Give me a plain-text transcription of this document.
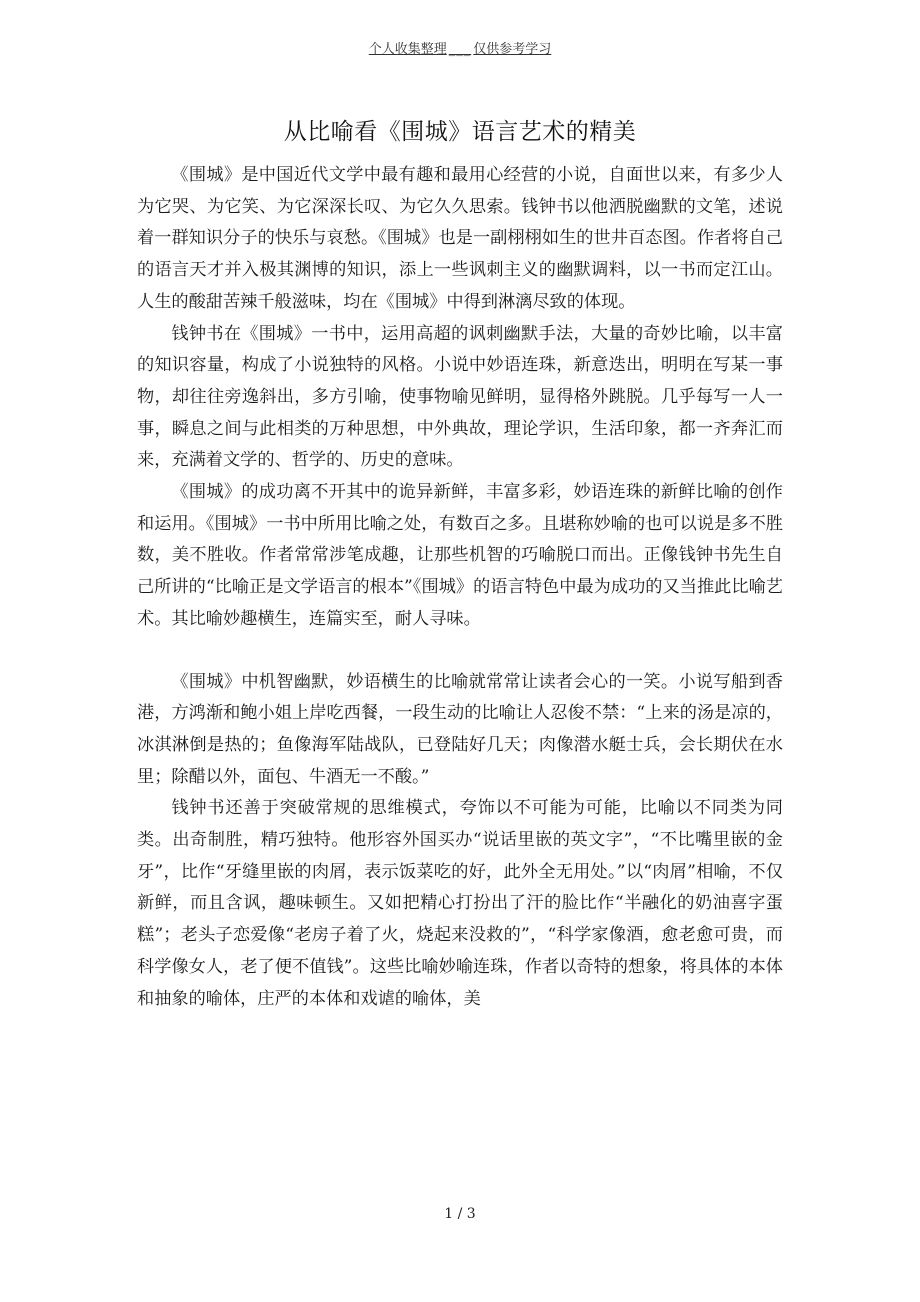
个人收集整理 ___ 仅供参考学习
从比喻看《围城》语言艺术的精美

《围城》是中国近代文学中最有趣和最用心经营的小说，自面世以来，有多少人为它哭、为它笑、为它深深长叹、为它久久思索。钱钟书以他洒脱幽默的文笔，述说着一群知识分子的快乐与哀愁。《围城》也是一副栩栩如生的世井百态图。作者将自己的语言天才并入极其渊博的知识，添上一些讽刺主义的幽默调料，以一书而定江山。人生的酸甜苦辣千般滋味，均在《围城》中得到淋漓尽致的体现。

钱钟书在《围城》一书中，运用高超的讽刺幽默手法，大量的奇妙比喻，以丰富的知识容量，构成了小说独特的风格。小说中妙语连珠，新意迭出，明明在写某一事物，却往往旁逸斜出，多方引喻，使事物喻见鲜明，显得格外跳脱。几乎每写一人一事，瞬息之间与此相类的万种思想，中外典故，理论学识，生活印象，都一齐奔汇而来，充满着文学的、哲学的、历史的意味。

《围城》的成功离不开其中的诡异新鲜，丰富多彩，妙语连珠的新鲜比喻的创作和运用。《围城》一书中所用比喻之处，有数百之多。且堪称妙喻的也可以说是多不胜数，美不胜收。作者常常涉笔成趣，让那些机智的巧喻脱口而出。正像钱钟书先生自己所讲的“比喻正是文学语言的根本”《围城》的语言特色中最为成功的又当推此比喻艺术。其比喻妙趣横生，连篇实至，耐人寻味。

《围城》中机智幽默，妙语横生的比喻就常常让读者会心的一笑。小说写船到香港，方鸿渐和鲍小姐上岸吃西餐，一段生动的比喻让人忍俊不禁：“上来的汤是凉的，冰淇淋倒是热的；鱼像海军陆战队，已登陆好几天；肉像潜水艇士兵，会长期伏在水里；除醋以外，面包、牛酒无一不酸。”

钱钟书还善于突破常规的思维模式，夸饰以不可能为可能，比喻以不同类为同类。出奇制胜，精巧独特。他形容外国买办“说话里嵌的英文字”，“不比嘴里嵌的金牙”，比作“牙缝里嵌的肉屑，表示饭菜吃的好，此外全无用处。”以“肉屑”相喻，不仅新鲜，而且含讽，趣味顿生。又如把精心打扮出了汗的脸比作“半融化的奶油喜字蛋糕”；老头子恋爱像“老房子着了火，烧起来没救的”，“科学家像酒，愈老愈可贵，而科学像女人，老了便不值钱”。这些比喻妙喻连珠，作者以奇特的想象，将具体的本体和抽象的喻体，庄严的本体和戏谑的喻体，美

1 / 3
